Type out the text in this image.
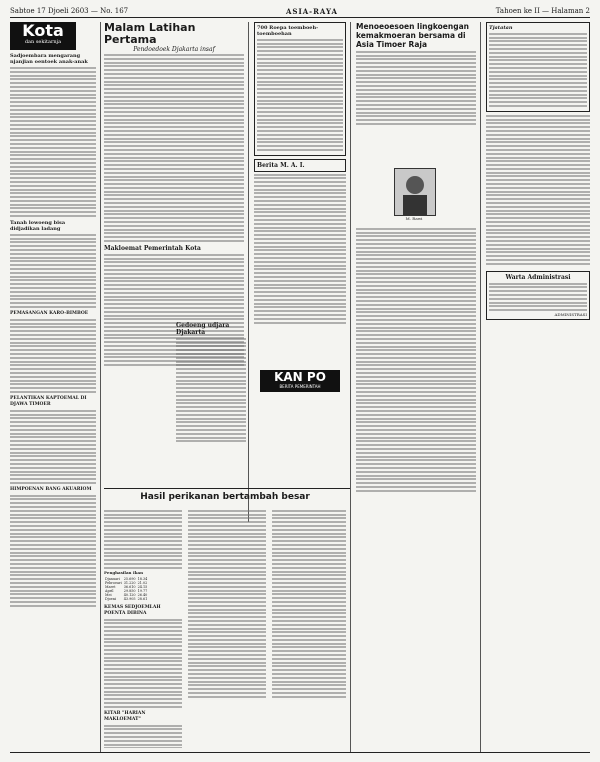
Sabtoe 17 Djoeli 2603 — No. 167	ASIA-RAYA	Tahoen ke II — Halaman 2
Kota
dan sekitarnja
Sadjoembara mengarang njanjian oentoek anak-anak
Tanah lowoeng bisa didjadikan ladang
PEMASANGAN KARO-BIMBOE
PELANTIKAN KAPTOEMAL DI DJAWA TIMOER
HIMPOENAN BANG AKUARIOM
Malam Latihan Pertama
Pendoedoek Djakarta insaf
Makloemat Pemerintah Kota
Gedoeng udjara Djakarta
700 Roepa toemboeh-toemboehan
Berita M. A. I.
KAN PO
BERITA PEMERINTAH
Menoeoesoen lingkoengan kemakmoeran bersama di Asia Timoer Raja
M. Rawi
Tjatatan
Warta Administrasi
ADMINISTRASI
Hasil perikanan bertambah besar
Penghasilan Ikan
Djanuari	25.690	18.34
Pebroeari	31.220	21.02
Maret	36.610	24.15
April	29.850	19.77
Mei	40.120	26.40
Djoeni	43.905	28.61
KEMAS SEDJOEMLAH POENTA DIBINA
KITAB "HARIAN MAKLOEMAT"
